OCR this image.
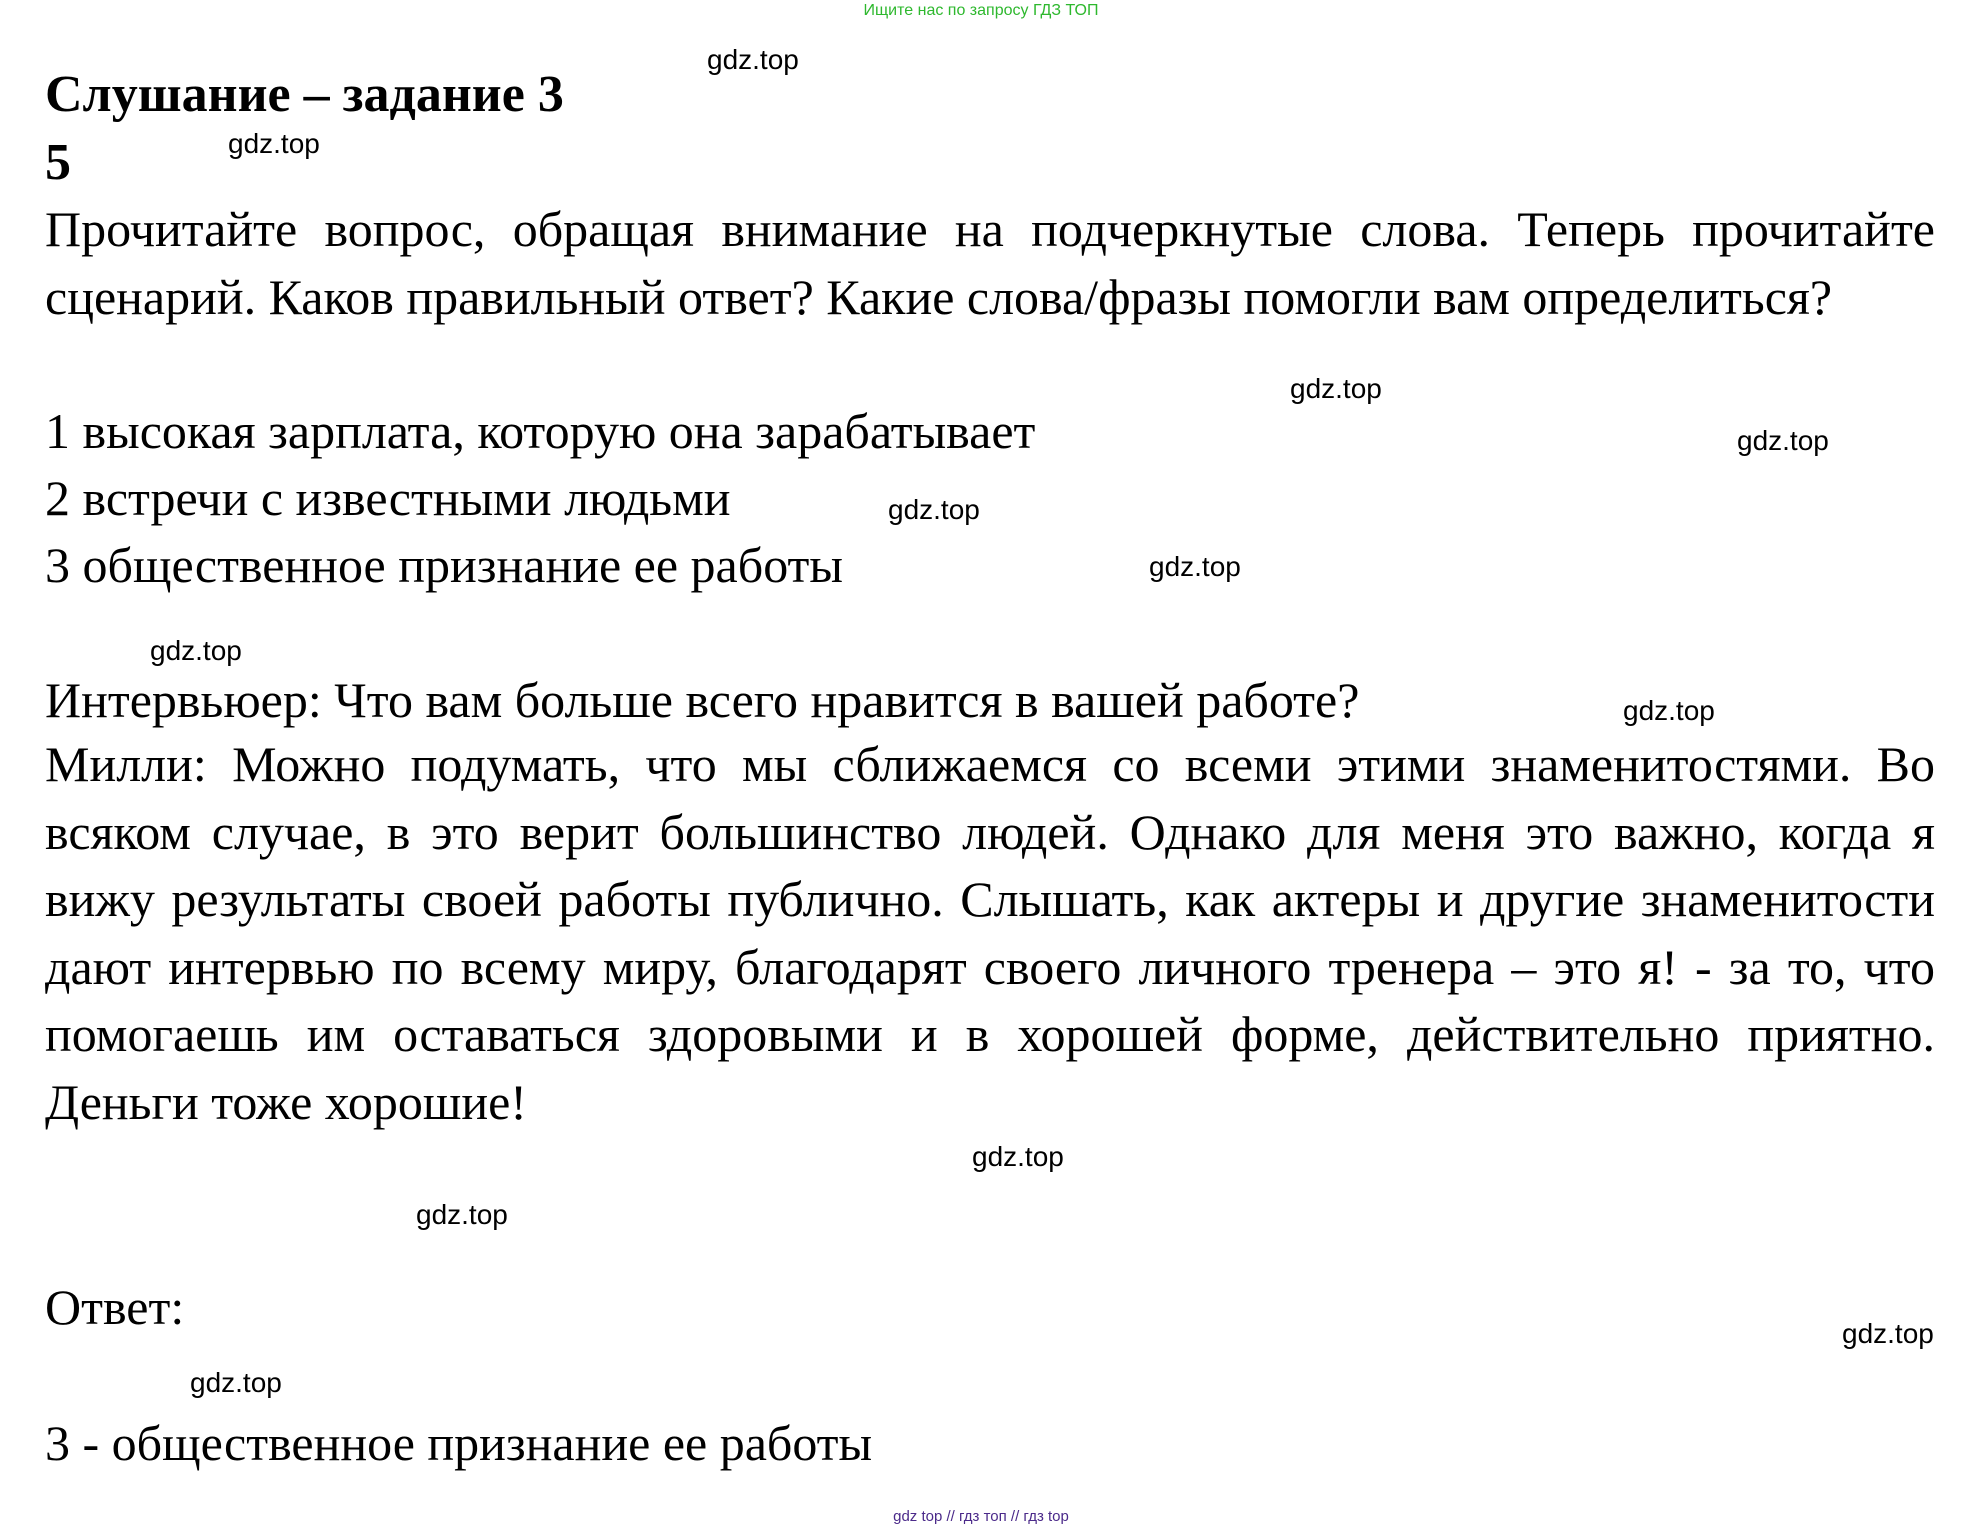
Ищите нас по запросу ГДЗ ТОП
Слушание – задание 3
5
Прочитайте вопрос, обращая внимание на подчеркнутые слова. Теперь прочитайте сценарий. Каков правильный ответ? Какие слова/фразы помогли вам определиться?
1 высокая зарплата, которую она зарабатывает
2 встречи с известными людьми
3 общественное признание ее работы
Интервьюер: Что вам больше всего нравится в вашей работе?
Милли: Можно подумать, что мы сближаемся со всеми этими знаменитостями. Во всяком случае, в это верит большинство людей. Однако для меня это важно, когда я вижу результаты своей работы публично. Слышать, как актеры и другие знаменитости дают интервью по всему миру, благодарят своего личного тренера – это я! - за то, что помогаешь им оставаться здоровыми и в хорошей форме, действительно приятно. Деньги тоже хорошие!
Ответ:
3 - общественное признание ее работы
gdz.top
gdz.top
gdz.top
gdz.top
gdz.top
gdz.top
gdz.top
gdz.top
gdz.top
gdz.top
gdz.top
gdz.top
gdz top // гдз топ // гдз top
